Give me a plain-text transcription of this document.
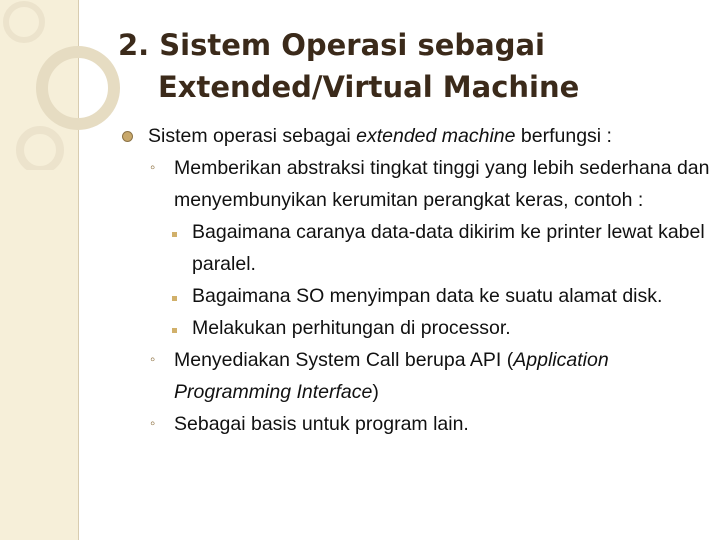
2. Sistem Operasi sebagai
Extended/Virtual Machine
Sistem operasi sebagai extended machine berfungsi :
◦ Memberikan abstraksi tingkat tinggi yang lebih sederhana dan menyembunyikan kerumitan perangkat keras, contoh :
Bagaimana caranya data-data dikirim ke printer lewat kabel paralel.
Bagaimana SO menyimpan data ke suatu alamat disk.
Melakukan perhitungan di processor.
◦ Menyediakan System Call berupa API (Application Programming Interface)
◦ Sebagai basis untuk program lain.
